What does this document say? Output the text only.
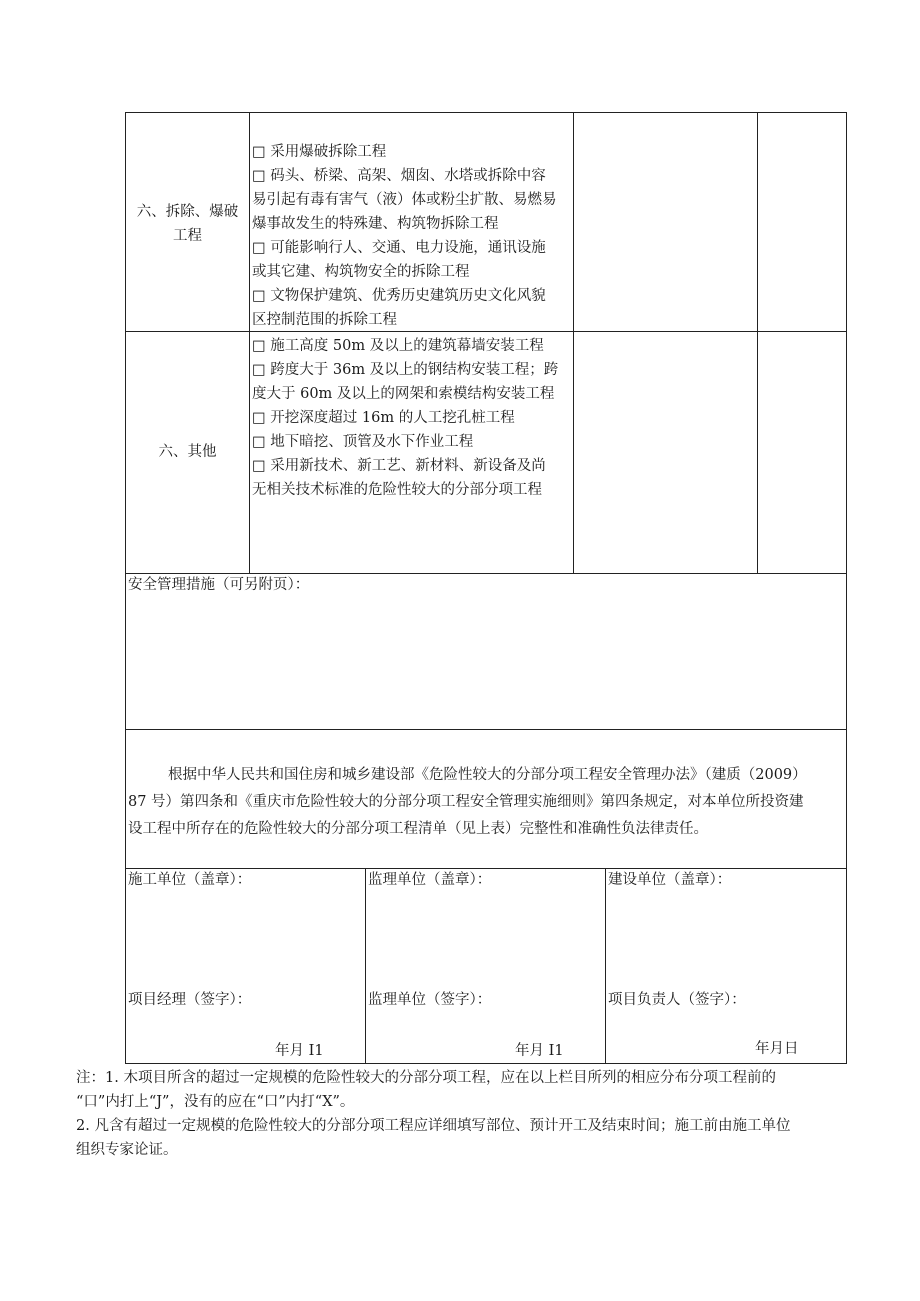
六、拆除、爆破
工程
□ 采用爆破拆除工程
□ 码头、桥梁、高架、烟囱、水塔或拆除中容
易引起有毒有害气（液）体或粉尘扩散、易燃易
爆事故发生的特殊建、构筑物拆除工程
□ 可能影响行人、交通、电力设施，通讯设施
或其它建、构筑物安全的拆除工程
□ 文物保护建筑、优秀历史建筑历史文化风貌
区控制范围的拆除工程
六、其他
□ 施工高度 50m 及以上的建筑幕墙安装工程
□ 跨度大于 36m 及以上的钢结构安装工程；跨
度大于 60m 及以上的网架和索模结构安装工程
□ 开挖深度超过 16m 的人工挖孔桩工程
□ 地下暗挖、顶管及水下作业工程
□ 采用新技术、新工艺、新材料、新设备及尚
无相关技术标准的危险性较大的分部分项工程
安全管理措施（可另附页）：
根据中华人民共和国住房和城乡建设部《危险性较大的分部分项工程安全管理办法》（建质（2009）
87 号）第四条和《重庆市危险性较大的分部分项工程安全管理实施细则》第四条规定，对本单位所投资建
设工程中所存在的危险性较大的分部分项工程清单（见上表）完整性和准确性负法律责任。
施工单位（盖章）：
项目经理（签字）：
年月 I1
监理单位（盖章）：
监理单位（签字）：
年月 I1
建设单位（盖章）：
项目负责人（签字）：
年月日
注：1. 木项目所含的超过一定规模的危险性较大的分部分项工程，应在以上栏目所列的相应分布分项工程前的
“口”内打上“J”，没有的应在“口”内打“X”。
2. 凡含有超过一定规模的危险性较大的分部分项工程应详细填写部位、预计开工及结束时间；施工前由施工单位
组织专家论证。
